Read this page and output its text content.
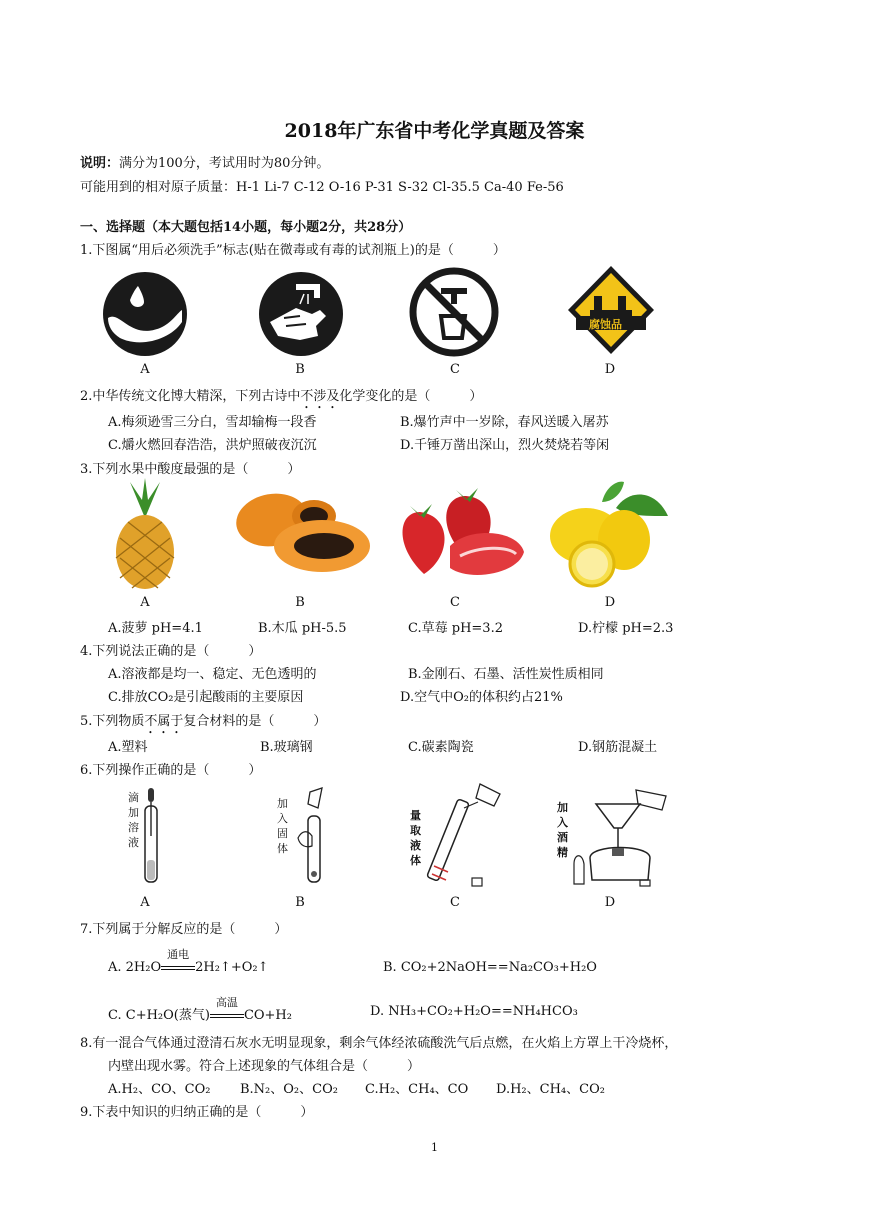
2018年广东省中考化学真题及答案
说明：满分为100分，考试用时为80分钟。
可能用到的相对原子质量：H-1 Li-7 C-12 O-16 P-31 S-32 Cl-35.5 Ca-40 Fe-56
一、选择题（本大题包括14小题，每小题2分，共28分）
1.下图属“用后必须洗手”标志(贴在微毒或有毒的试剂瓶上)的是（　　　）
腐蚀品
A	B	C	D
2.中华传统文化博大精深，下列古诗中不涉及化学变化的是（　　　）
A.梅须逊雪三分白，雪却输梅一段香	B.爆竹声中一岁除，春风送暖入屠苏
C.爝火燃回春浩浩，洪炉照破夜沉沉	D.千锤万凿出深山，烈火焚烧若等闲
3.下列水果中酸度最强的是（　　　）
A	B	C	D
A.菠萝 pH=4.1	B.木瓜 pH-5.5	C.草莓 pH=3.2	D.柠檬 pH=2.3
4.下列说法正确的是（　　　）
A.溶液都是均一、稳定、无色透明的	B.金刚石、石墨、活性炭性质相同
C.排放CO₂是引起酸雨的主要原因	D.空气中O₂的体积约占21%
5.下列物质不属于复合材料的是（　　　）
A.塑料	B.玻璃钢	C.碳素陶瓷	D.钢筋混凝土
6.下列操作正确的是（　　　）
滴加溶液
加入固体
量取液体
加入酒精
A	B	C	D
7.下列属于分解反应的是（　　　）
A. 2H₂O
通电
2H₂↑+O₂↑	B. CO₂+2NaOH==Na₂CO₃+H₂O
C. C+H₂O(蒸气)
高温
CO+H₂	D. NH₃+CO₂+H₂O==NH₄HCO₃
8.有一混合气体通过澄清石灰水无明显现象，剩余气体经浓硫酸洗气后点燃，在火焰上方罩上干冷烧杯，
内壁出现水雾。符合上述现象的气体组合是（　　　）
A.H₂、CO、CO₂ B.N₂、O₂、CO₂ C.H₂、CH₄、CO D.H₂、CH₄、CO₂
9.下表中知识的归纳正确的是（　　　）
1
